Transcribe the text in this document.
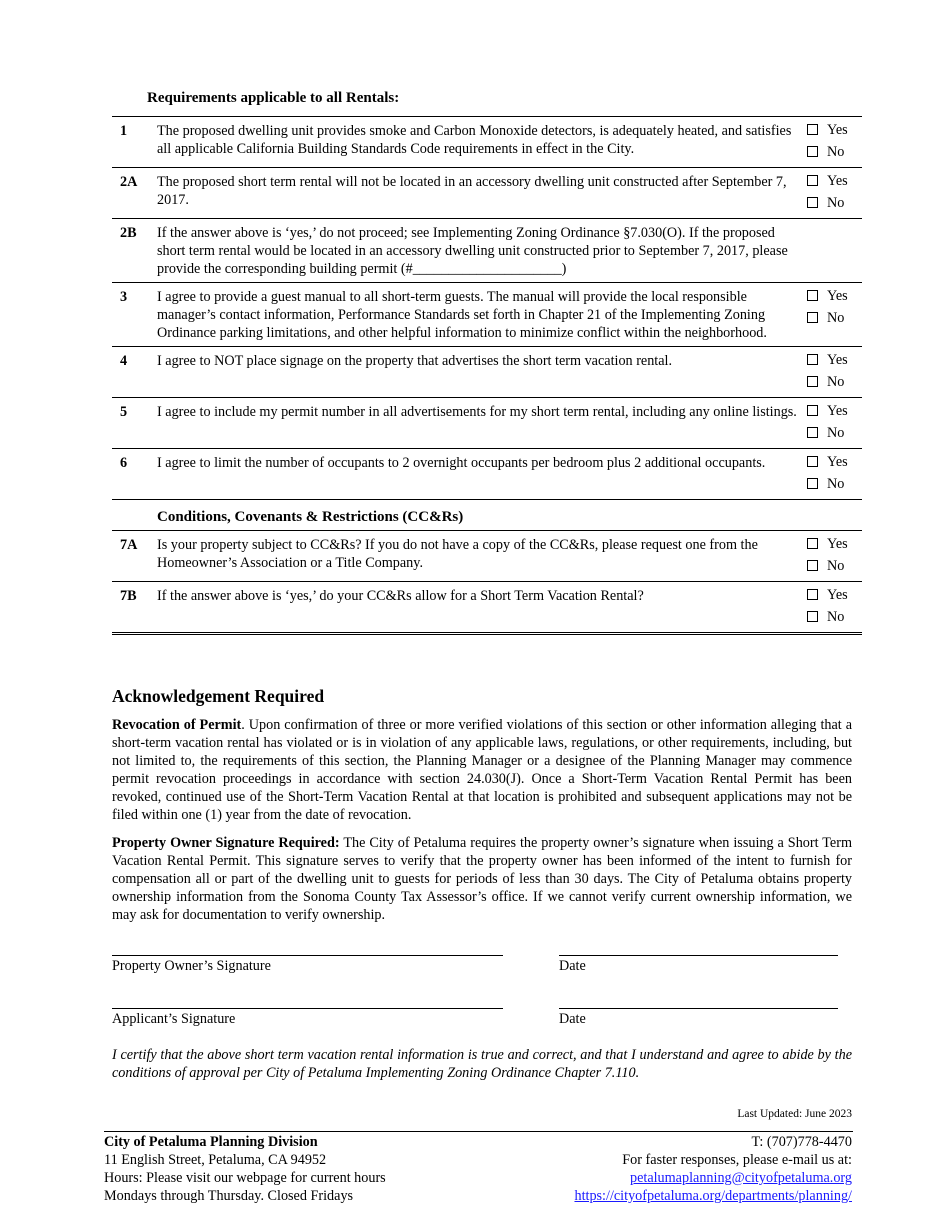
Requirements applicable to all Rentals:
1	The proposed dwelling unit provides smoke and Carbon Monoxide detectors, is adequately heated, and satisfies all applicable California Building Standards Code requirements in effect in the City.	Yes
No

2A	The proposed short term rental will not be located in an accessory dwelling unit constructed after September 7, 2017.	Yes
No

2B	If the answer above is ‘yes,’ do not proceed; see Implementing Zoning Ordinance §7.030(O). If the proposed short term rental would be located in an accessory dwelling unit constructed prior to September 7, 2017, please provide the corresponding building permit (#_____________________)	
3	I agree to provide a guest manual to all short-term guests. The manual will provide the local responsible manager’s contact information, Performance Standards set forth in Chapter 21 of the Implementing Zoning Ordinance parking limitations, and other helpful information to minimize conflict within the neighborhood.	Yes
No

4	I agree to NOT place signage on the property that advertises the short term vacation rental.	Yes
No

5	I agree to include my permit number in all advertisements for my short term rental, including any online listings.	Yes
No

6	I agree to limit the number of occupants to 2 overnight occupants per bedroom plus 2 additional occupants.	Yes
No

	Conditions, Covenants & Restrictions (CC&Rs)	
7A	Is your property subject to CC&Rs? If you do not have a copy of the CC&Rs, please request one from the Homeowner’s Association or a Title Company.	Yes
No

7B	If the answer above is ‘yes,’ do your CC&Rs allow for a Short Term Vacation Rental?	Yes
No
Acknowledgement Required
Revocation of Permit. Upon confirmation of three or more verified violations of this section or other information alleging that a short-term vacation rental has violated or is in violation of any applicable laws, regulations, or other requirements, including, but not limited to, the requirements of this section, the Planning Manager or a designee of the Planning Manager may commence permit revocation proceedings in accordance with section 24.030(J). Once a Short-Term Vacation Rental Permit has been revoked, continued use of the Short-Term Vacation Rental at that location is prohibited and subsequent applications may not be filed within one (1) year from the date of revocation.
Property Owner Signature Required: The City of Petaluma requires the property owner’s signature when issuing a Short Term Vacation Rental Permit. This signature serves to verify that the property owner has been informed of the intent to furnish for compensation all or part of the dwelling unit to guests for periods of less than 30 days. The City of Petaluma obtains property ownership information from the Sonoma County Tax Assessor’s office. If we cannot verify current ownership information, we may ask for documentation to verify ownership.
Property Owner’s Signature	Date
Applicant’s Signature	Date
I certify that the above short term vacation rental information is true and correct, and that I understand and agree to abide by the conditions of approval per City of Petaluma Implementing Zoning Ordinance Chapter 7.110.
Last Updated: June 2023
City of Petaluma Planning Division
11 English Street, Petaluma, CA 94952
Hours: Please visit our webpage for current hours
Mondays through Thursday. Closed Fridays
T: (707)778-4470
For faster responses, please e-mail us at:
petalumaplanning@cityofpetaluma.org
https://cityofpetaluma.org/departments/planning/
